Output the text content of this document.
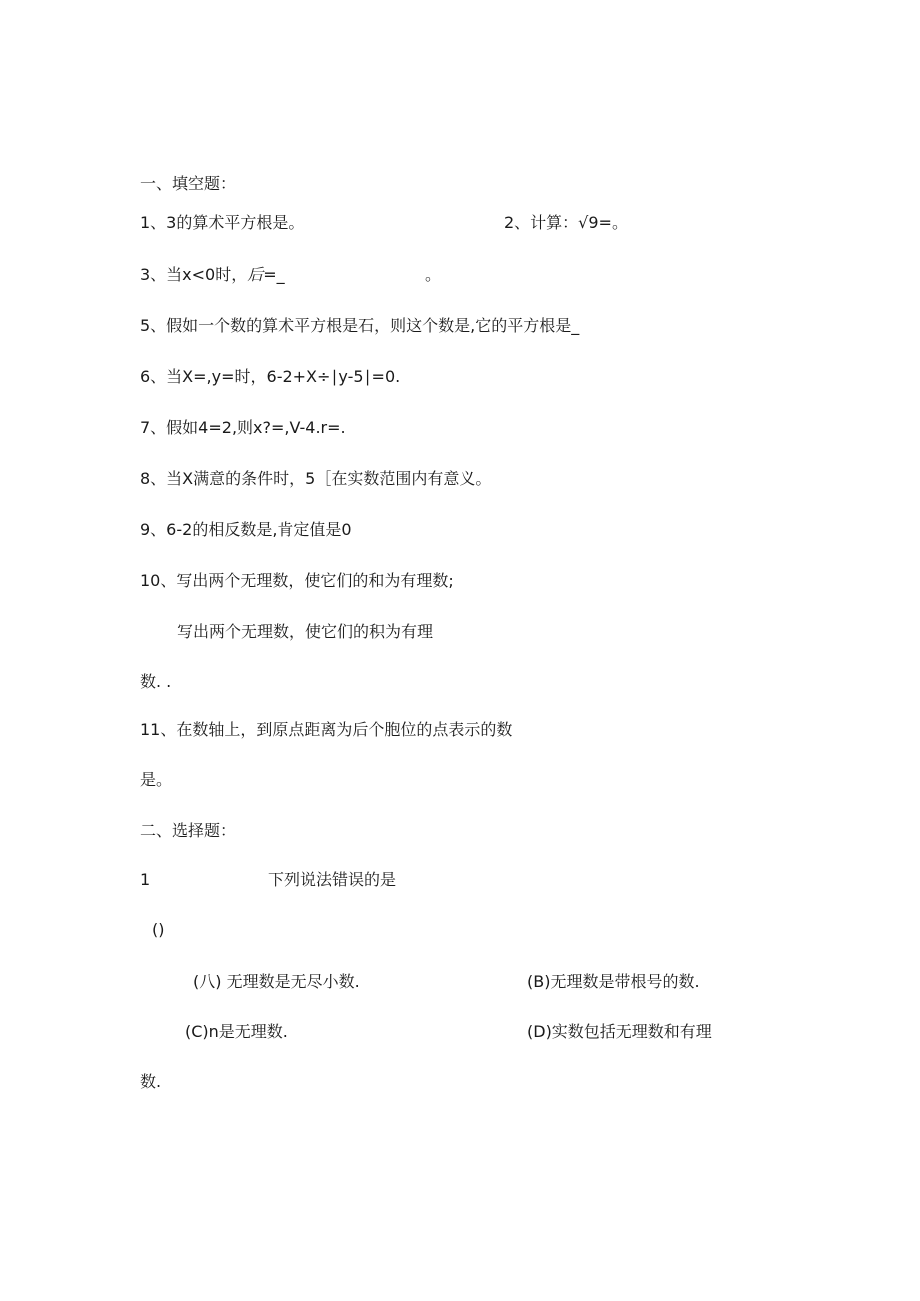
一、填空题：
1、3的算术平方根是。	2、计算：√9=。
3、当x<0时，后=_	。
5、假如一个数的算术平方根是石，则这个数是,它的平方根是_
6、当X=,y=时，6-2+X÷∣y-5∣=0.
7、假如4=2,则x?=,V-4.r=.
8、当X满意的条件时，5［在实数范围内有意义。
9、6-2的相反数是,肯定值是0
10、写出两个无理数，使它们的和为有理数;
写出两个无理数，使它们的积为有理
数. .
11、在数轴上，到原点距离为后个胞位的点表示的数
是。
二、选择题：
1	下列说法错误的是
()
(八) 无理数是无尽小数.	(B)无理数是带根号的数.
(C)n是无理数.	(D)实数包括无理数和有理
数.
